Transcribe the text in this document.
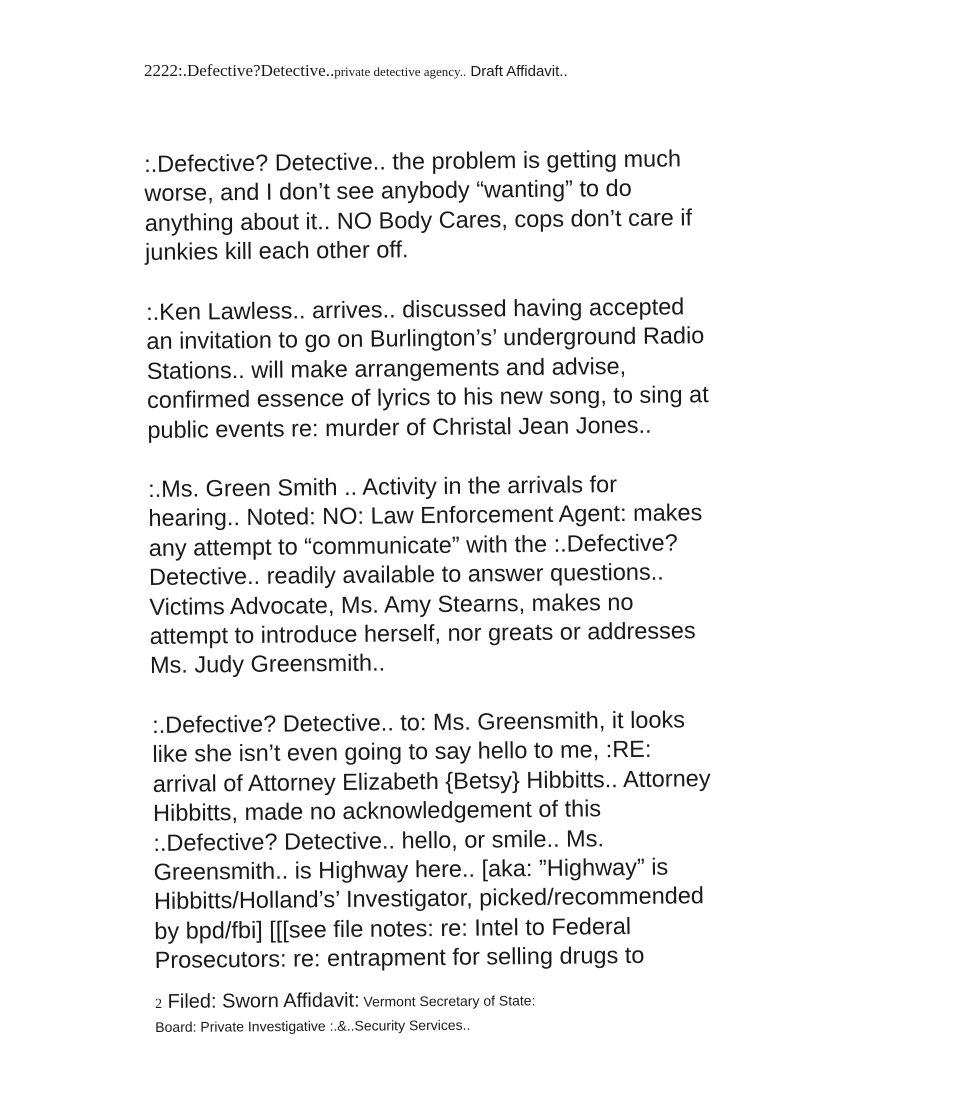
2222:.Defective?Detective..private detective agency.. Draft Affidavit..
:.Defective? Detective.. the problem is getting much
worse, and I don’t see anybody “wanting” to do
anything about it.. NO Body Cares, cops don’t care if
junkies kill each other off.
:.Ken Lawless.. arrives.. discussed having accepted
an invitation to go on Burlington’s’ underground Radio
Stations.. will make arrangements and advise,
confirmed essence of lyrics to his new song, to sing at
public events re: murder of Christal Jean Jones..
:.Ms. Green Smith .. Activity in the arrivals for
hearing.. Noted: NO: Law Enforcement Agent: makes
any attempt to “communicate” with the :.Defective?
Detective.. readily available to answer questions..
Victims Advocate, Ms. Amy Stearns, makes no
attempt to introduce herself, nor greats or addresses
Ms. Judy Greensmith..
:.Defective? Detective.. to: Ms. Greensmith, it looks
like she isn’t even going to say hello to me, :RE:
arrival of Attorney Elizabeth {Betsy} Hibbitts.. Attorney
Hibbitts, made no acknowledgement of this
:.Defective? Detective.. hello, or smile.. Ms.
Greensmith.. is Highway here.. [aka: ”Highway” is
Hibbitts/Holland’s’ Investigator, picked/recommended
by bpd/fbi] [[[see file notes: re: Intel to Federal
Prosecutors: re: entrapment for selling drugs to
2 Filed: Sworn Affidavit: Vermont Secretary of State:
Board: Private Investigative :.&..Security Services..
